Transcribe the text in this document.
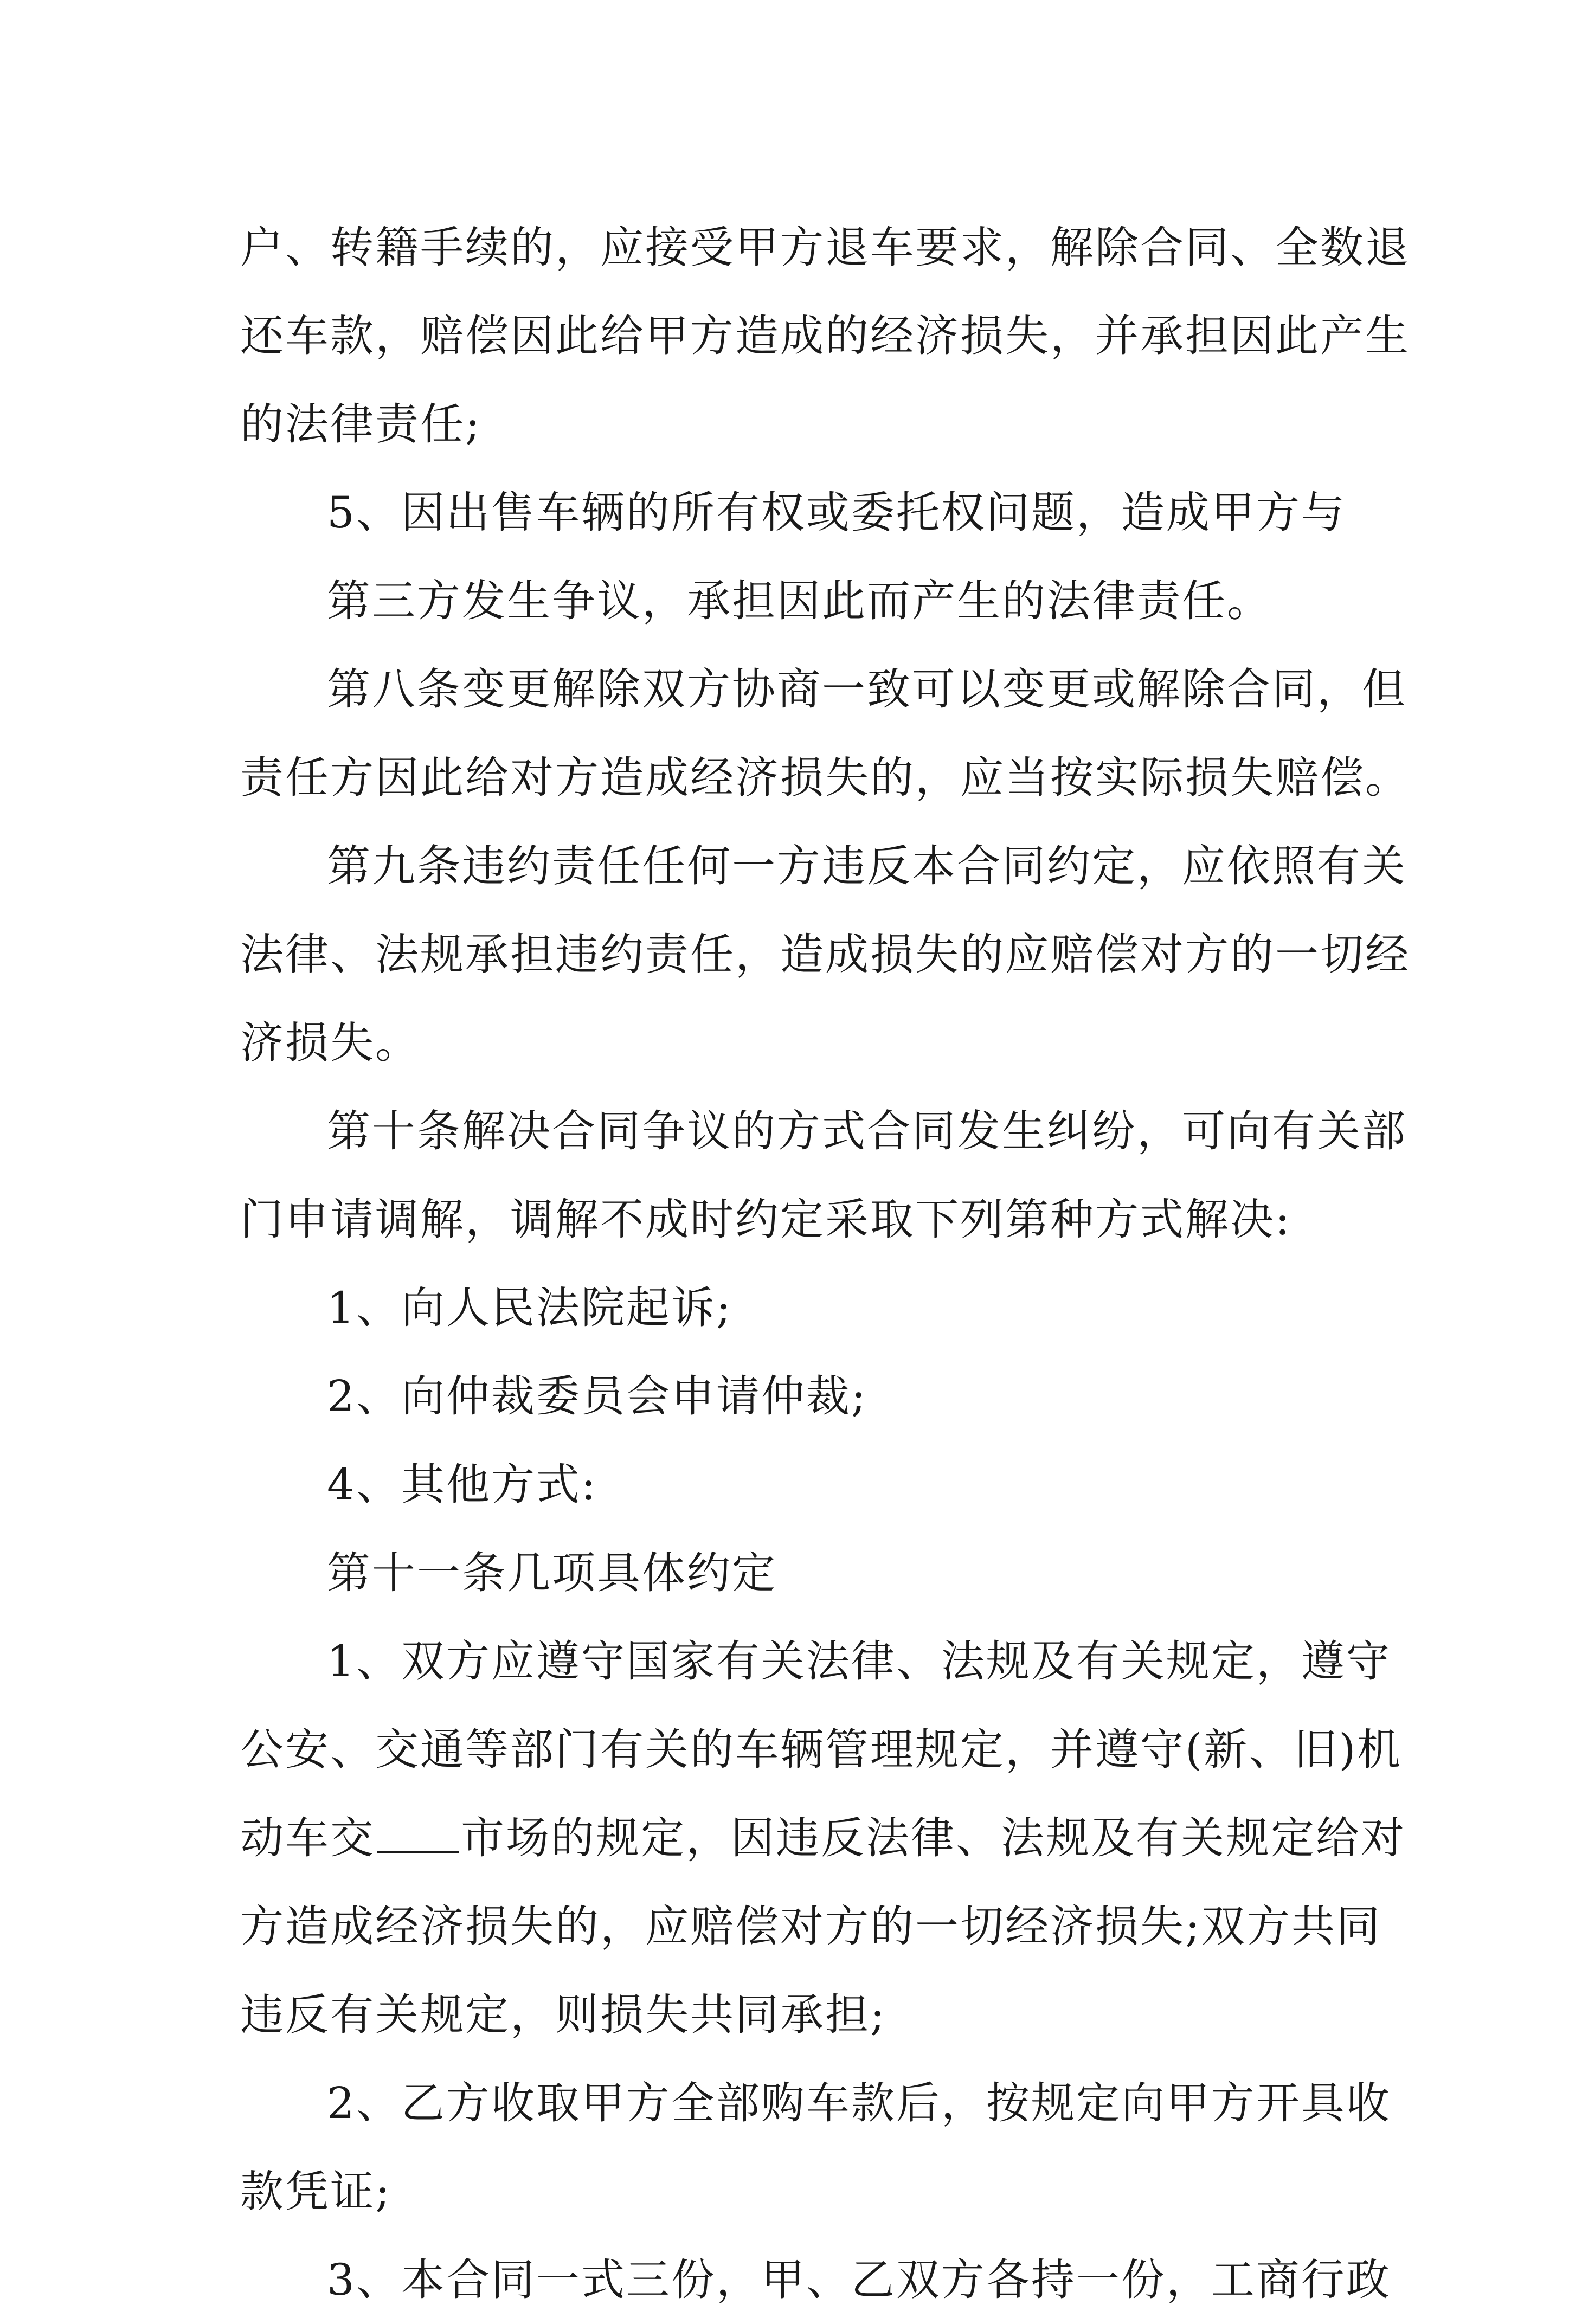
户、转籍手续的，应接受甲方退车要求，解除合同、全数退
还车款，赔偿因此给甲方造成的经济损失，并承担因此产生
的法律责任;
5、因出售车辆的所有权或委托权问题，造成甲方与
第三方发生争议，承担因此而产生的法律责任。
第八条变更解除双方协商一致可以变更或解除合同，但
责任方因此给对方造成经济损失的，应当按实际损失赔偿。
第九条违约责任任何一方违反本合同约定，应依照有关
法律、法规承担违约责任，造成损失的应赔偿对方的一切经
济损失。
第十条解决合同争议的方式合同发生纠纷，可向有关部
门申请调解，调解不成时约定采取下列第种方式解决:
1、向人民法院起诉;
2、向仲裁委员会申请仲裁;
4、其他方式:
第十一条几项具体约定
1、双方应遵守国家有关法律、法规及有关规定，遵守
公安、交通等部门有关的车辆管理规定，并遵守(新、旧)机
动车交 市场的规定，因违反法律、法规及有关规定给对
方造成经济损失的，应赔偿对方的一切经济损失;双方共同
违反有关规定，则损失共同承担;
2、乙方收取甲方全部购车款后，按规定向甲方开具收
款凭证;
3、本合同一式三份，甲、乙双方各持一份，工商行政
